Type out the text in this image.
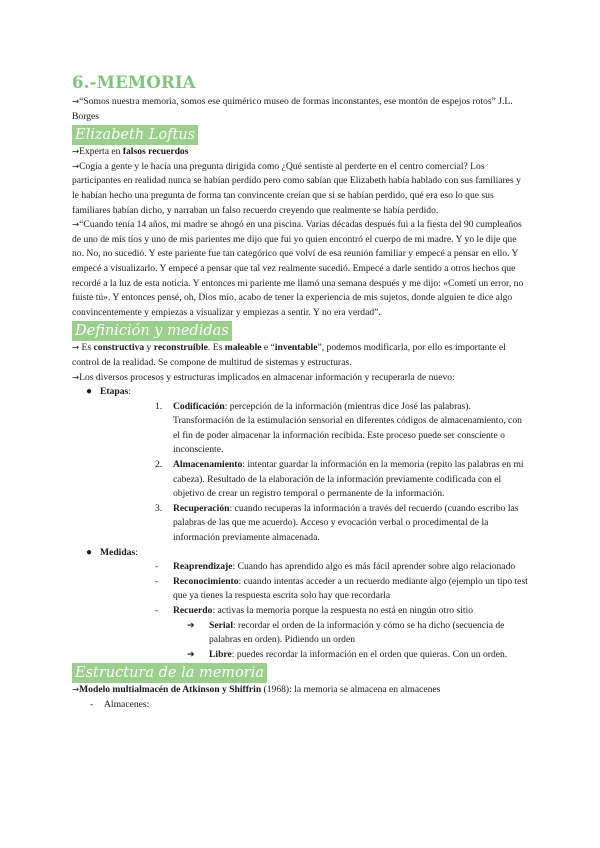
6.-MEMORIA

→“Somos nuestra memoria, somos ese quimérico museo de formas inconstantes, ese montón de espejos rotos” J.L. Borges

Elizabeth Loftus

→Experta en falsos recuerdos

→Cogía a gente y le hacía una pregunta dirigida como ¿Qué sentiste al perderte en el centro comercial? Los participantes en realidad nunca se habían perdido pero como sabían que Elizabeth había hablado con sus familiares y le habían hecho una pregunta de forma tan convincente creían que si se habían perdido, qué era eso lo que sus familiares habían dicho, y narraban un falso recuerdo creyendo que realmente se había perdido.

→“Cuando tenía 14 años, mi madre se ahogó en una piscina. Varias décadas después fui a la fiesta del 90 cumpleaños de uno de mis tíos y uno de mis parientes me dijo que fui yo quien encontró el cuerpo de mi madre. Y yo le dije que no. No, no sucedió. Y este pariente fue tan categórico que volví de esa reunión familiar y empecé a pensar en ello. Y empecé a visualizarlo. Y empecé a pensar que tal vez realmente sucedió. Empecé a darle sentido a otros hechos que recordé a la luz de esta noticia. Y entonces mi pariente me llamó una semana después y me dijo: «Cometí un error, no fuiste tú». Y entonces pensé, oh, Dios mío, acabo de tener la experiencia de mis sujetos, donde alguien te dice algo convincentemente y empiezas a visualizar y empiezas a sentir. Y no era verdad”.

Definición y medidas

→ Es constructiva y reconstruible. Es maleable e “inventable”, podemos modificarla, por ello es importante el control de la realidad. Se compone de multitud de sistemas y estructuras.

→Los diversos procesos y estructuras implicados en almacenar información y recuperarla de nuevo:

● Etapas:
1. Codificación: percepción de la información (mientras dice José las palabras). Transformación de la estimulación sensorial en diferentes códigos de almacenamiento, con el fin de poder almacenar la información recibida. Este proceso puede ser consciente o inconsciente.
2. Almacenamiento: intentar guardar la información en la memoria (repito las palabras en mi cabeza). Resultado de la elaboración de la información previamente codificada con el objetivo de crear un registro temporal o permanente de la información.
3. Recuperación: cuando recuperas la información a través del recuerdo (cuando escribo las palabras de las que me acuerdo). Acceso y evocación verbal o procedimental de la información previamente almacenada.
● Medidas:
- Reaprendizaje: Cuando has aprendido algo es más fácil aprender sobre algo relacionado
- Reconocimiento: cuando intentas acceder a un recuerdo mediante algo (ejemplo un tipo test que ya tienes la respuesta escrita solo hay que recordarla
- Recuerdo: activas la memoria porque la respuesta no está en ningún otro sitio
➔ Serial: recordar el orden de la información y cómo se ha dicho (secuencia de palabras en orden). Pidiendo un orden
➔ Libre: puedes recordar la información en el orden que quieras. Con un orden.
Estructura de la memoria

→Modelo multialmacén de Atkinson y Shiffrin (1968): la memoria se almacena en almacenes

- Almacenes:
